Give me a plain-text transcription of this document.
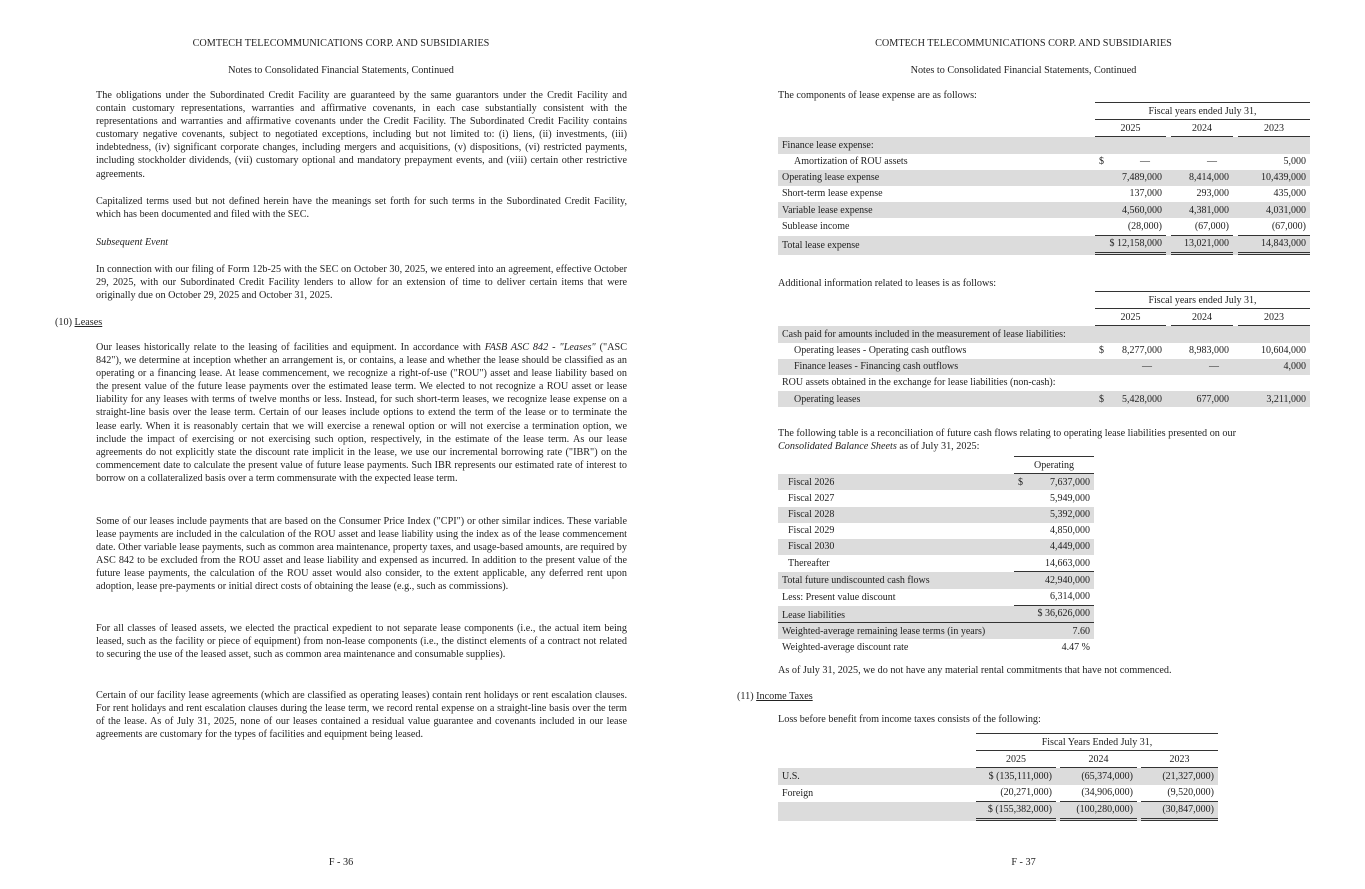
COMTECH TELECOMMUNICATIONS CORP. AND SUBSIDIARIES
Notes to Consolidated Financial Statements, Continued
The obligations under the Subordinated Credit Facility are guaranteed by the same guarantors under the Credit Facility and contain customary representations, warranties and affirmative covenants, in each case substantially consistent with the representations and warranties and affirmative covenants under the Credit Facility. The Subordinated Credit Facility contains customary negative covenants, subject to negotiated exceptions, including but not limited to: (i) liens, (ii) investments, (iii) indebtedness, (iv) significant corporate changes, including mergers and acquisitions, (v) dispositions, (vi) restricted payments, including stockholder dividends, (vii) customary optional and mandatory prepayment events, and (viii) certain other restrictive agreements.
Capitalized terms used but not defined herein have the meanings set forth for such terms in the Subordinated Credit Facility, which has been documented and filed with the SEC.
Subsequent Event
In connection with our filing of Form 12b-25 with the SEC on October 30, 2025, we entered into an agreement, effective October 29, 2025, with our Subordinated Credit Facility lenders to allow for an extension of time to deliver certain items that were originally due on October 29, 2025 and October 31, 2025.
(10) Leases
Our leases historically relate to the leasing of facilities and equipment. In accordance with FASB ASC 842 - "Leases" ("ASC 842"), we determine at inception whether an arrangement is, or contains, a lease and whether the lease should be classified as an operating or a financing lease. At lease commencement, we recognize a right-of-use ("ROU") asset and lease liability based on the present value of the future lease payments over the estimated lease term. We elected to not recognize a ROU asset or lease liability for any leases with terms of twelve months or less. Instead, for such short-term leases, we recognize lease expense on a straight-line basis over the lease term. Certain of our leases include options to extend the term of the lease or to terminate the lease early. When it is reasonably certain that we will exercise a renewal option or will not exercise a termination option, we include the impact of exercising or not exercising such option, respectively, in the estimate of the lease term. As our lease agreements do not explicitly state the discount rate implicit in the lease, we use our incremental borrowing rate ("IBR") on the commencement date to calculate the present value of future lease payments. Such IBR represents our estimated rate of interest to borrow on a collateralized basis over a term commensurate with the expected lease term.
Some of our leases include payments that are based on the Consumer Price Index ("CPI") or other similar indices. These variable lease payments are included in the calculation of the ROU asset and lease liability using the index as of the lease commencement date. Other variable lease payments, such as common area maintenance, property taxes, and usage-based amounts, are required by ASC 842 to be excluded from the ROU asset and lease liability and expensed as incurred. In addition to the present value of the future lease payments, the calculation of the ROU asset would also consider, to the extent applicable, any deferred rent upon adoption, lease pre-payments or initial direct costs of obtaining the lease (e.g., such as commissions).
For all classes of leased assets, we elected the practical expedient to not separate lease components (i.e., the actual item being leased, such as the facility or piece of equipment) from non-lease components (i.e., the distinct elements of a contract not related to securing the use of the leased asset, such as common area maintenance and consumable supplies).
Certain of our facility lease agreements (which are classified as operating leases) contain rent holidays or rent escalation clauses. For rent holidays and rent escalation clauses during the lease term, we record rental expense on a straight-line basis over the term of the lease. As of July 31, 2025, none of our leases contained a residual value guarantee and covenants included in our lease agreements are customary for the types of facilities and equipment being leased.
F - 36
COMTECH TELECOMMUNICATIONS CORP. AND SUBSIDIARIES
Notes to Consolidated Financial Statements, Continued
The components of lease expense are as follows:
	Fiscal years ended July 31,				
	2025		2024		2023
Finance lease expense:					
Amortization of ROU assets	$ —		—		5,000
Operating lease expense	7,489,000		8,414,000		10,439,000
Short-term lease expense	137,000		293,000		435,000
Variable lease expense	4,560,000		4,381,000		4,031,000
Sublease income	(28,000)		(67,000)		(67,000)
Total lease expense	$ 12,158,000		13,021,000		14,843,000
Additional information related to leases is as follows:
	Fiscal years ended July 31,				
	2025		2024		2023
Cash paid for amounts included in the measurement of lease liabilities:					
Operating leases - Operating cash outflows	$ 8,277,000		8,983,000		10,604,000
Finance leases - Financing cash outflows	—		—		4,000
ROU assets obtained in the exchange for lease liabilities (non-cash):					
Operating leases	$ 5,428,000		677,000		3,211,000
The following table is a reconciliation of future cash flows relating to operating lease liabilities presented on our
Consolidated Balance Sheets as of July 31, 2025:
	Operating
Fiscal 2026	$ 7,637,000
Fiscal 2027	5,949,000
Fiscal 2028	5,392,000
Fiscal 2029	4,850,000
Fiscal 2030	4,449,000
Thereafter	14,663,000
Total future undiscounted cash flows	42,940,000
Less: Present value discount	6,314,000
Lease liabilities	$ 36,626,000
Weighted-average remaining lease terms (in years)	7.60
Weighted-average discount rate	4.47 %
As of July 31, 2025, we do not have any material rental commitments that have not commenced.
(11) Income Taxes
Loss before benefit from income taxes consists of the following:
	Fiscal Years Ended July 31,				
	2025		2024		2023
U.S.	$ (135,111,000)		(65,374,000)		(21,327,000)
Foreign	(20,271,000)		(34,906,000)		(9,520,000)
	$ (155,382,000)		(100,280,000)		(30,847,000)
F - 37
